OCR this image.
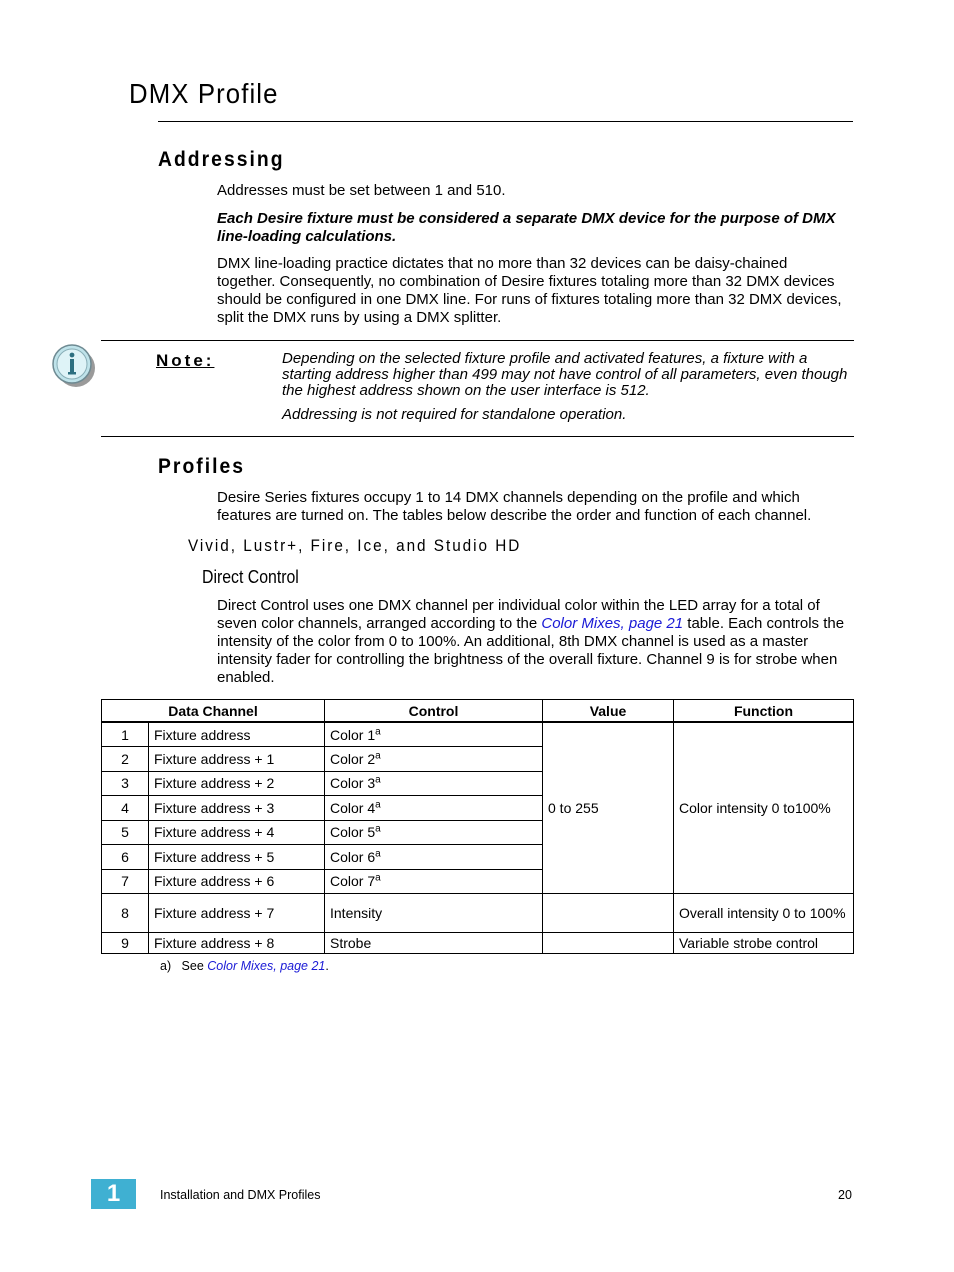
DMX Profile
Addressing

Addresses must be set between 1 and 510.

Each Desire fixture must be considered a separate DMX device for the purpose of DMX line-loading calculations.

DMX line-loading practice dictates that no more than 32 devices can be daisy-chained together. Consequently, no combination of Desire fixtures totaling more than 32 DMX devices should be configured in one DMX line. For runs of fixtures totaling more than 32 DMX devices, split the DMX runs by using a DMX splitter.

Note:	Depending on the selected fixture profile and activated features, a fixture with a starting address higher than 499 may not have control of all parameters, even though the highest address shown on the user interface is 512.

Addressing is not required for standalone operation.

Profiles

Desire Series fixtures occupy 1 to 14 DMX channels depending on the profile and which features are turned on. The tables below describe the order and function of each channel.

Vivid, Lustr+, Fire, Ice, and Studio HD
Direct Control

Direct Control uses one DMX channel per individual color within the LED array for a total of seven color channels, arranged according to the Color Mixes, page 21 table. Each controls the intensity of the color from 0 to 100%. An additional, 8th DMX channel is used as a master intensity fader for controlling the brightness of the overall fixture. Channel 9 is for strobe when enabled.

Data Channel		Control	Value	Function
1	Fixture address	Color 1$^a$	0 to 255	Color intensity 0 to100%
2	Fixture address + 1	Color 2$^a$
3	Fixture address + 2	Color 3$^a$
4	Fixture address + 3	Color 4$^a$
5	Fixture address + 4	Color 5$^a$
6	Fixture address + 5	Color 6$^a$
7	Fixture address + 6	Color 7$^a$
8	Fixture address + 7	Intensity		Overall intensity 0 to 100%
9	Fixture address + 8	Strobe		Variable strobe control
a) See Color Mixes, page 21.
1	Installation and DMX Profiles	20
